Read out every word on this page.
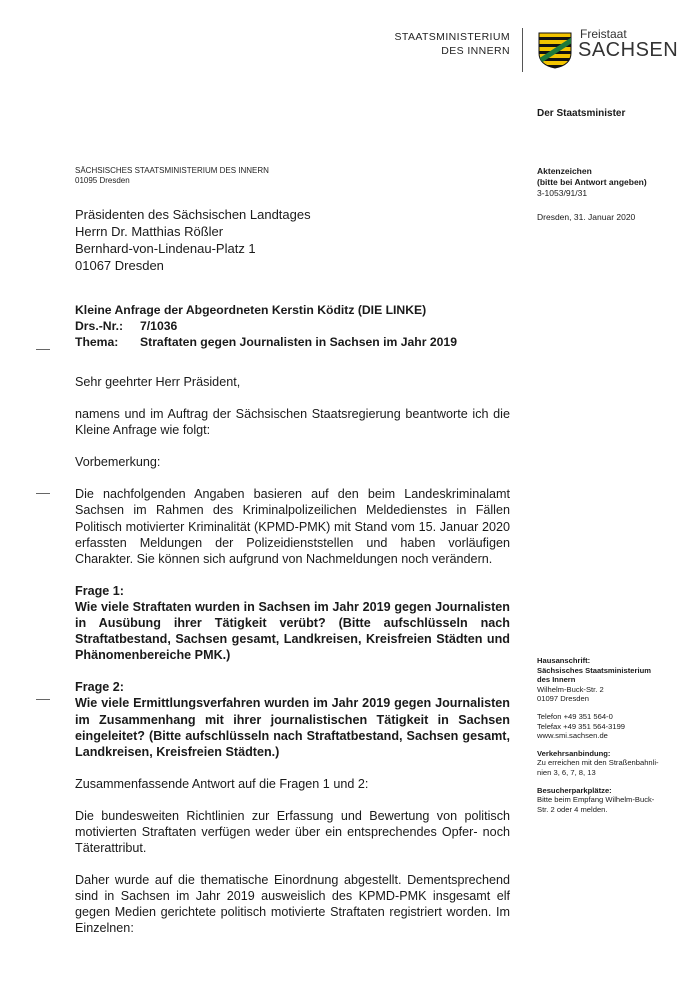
STAATSMINISTERIUM
DES INNERN
Freistaat
SACHSEN
Der Staatsminister
SÄCHSISCHES STAATSMINISTERIUM DES INNERN
01095 Dresden
Aktenzeichen
(bitte bei Antwort angeben)
3-1053/91/31
Dresden, 31. Januar 2020
Präsidenten des Sächsischen Landtages
Herrn Dr. Matthias Rößler
Bernhard-von-Lindenau-Platz 1
01067 Dresden
Kleine Anfrage der Abgeordneten Kerstin Köditz (DIE LINKE)
Drs.-Nr.: 7/1036
Thema: Straftaten gegen Journalisten in Sachsen im Jahr 2019

Sehr geehrter Herr Präsident,

namens und im Auftrag der Sächsischen Staatsregierung beantworte ich die Kleine Anfrage wie folgt:

Vorbemerkung:

Die nachfolgenden Angaben basieren auf den beim Landeskriminalamt Sachsen im Rahmen des Kriminalpolizeilichen Meldedienstes in Fällen Politisch motivierter Kriminalität (KPMD-PMK) mit Stand vom 15. Januar 2020 erfassten Meldungen der Polizeidienststellen und haben vorläufigen Charakter. Sie können sich aufgrund von Nachmeldungen noch verändern.

Frage 1:

Wie viele Straftaten wurden in Sachsen im Jahr 2019 gegen Journalisten in Ausübung ihrer Tätigkeit verübt? (Bitte aufschlüsseln nach Straftatbestand, Sachsen gesamt, Landkreisen, Kreisfreien Städten und Phänomenbereiche PMK.)

Frage 2:

Wie viele Ermittlungsverfahren wurden im Jahr 2019 gegen Journalisten im Zusammenhang mit ihrer journalistischen Tätigkeit in Sachsen eingeleitet? (Bitte aufschlüsseln nach Straftatbestand, Sachsen gesamt, Landkreisen, Kreisfreien Städten.)

Zusammenfassende Antwort auf die Fragen 1 und 2:

Die bundesweiten Richtlinien zur Erfassung und Bewertung von politisch motivierten Straftaten verfügen weder über ein entsprechendes Opfer- noch Täterattribut.

Daher wurde auf die thematische Einordnung abgestellt. Dementsprechend sind in Sachsen im Jahr 2019 ausweislich des KPMD-PMK insgesamt elf gegen Medien gerichtete politisch motivierte Straftaten registriert worden. Im Einzelnen:

Hausanschrift:
Sächsisches Staatsministerium
des Innern
Wilhelm-Buck-Str. 2
01097 Dresden
Telefon +49 351 564-0
Telefax +49 351 564-3199
www.smi.sachsen.de
Verkehrsanbindung:
Zu erreichen mit den Straßenbahnli-
nien 3, 6, 7, 8, 13
Besucherparkplätze:
Bitte beim Empfang Wilhelm-Buck-
Str. 2 oder 4 melden.
